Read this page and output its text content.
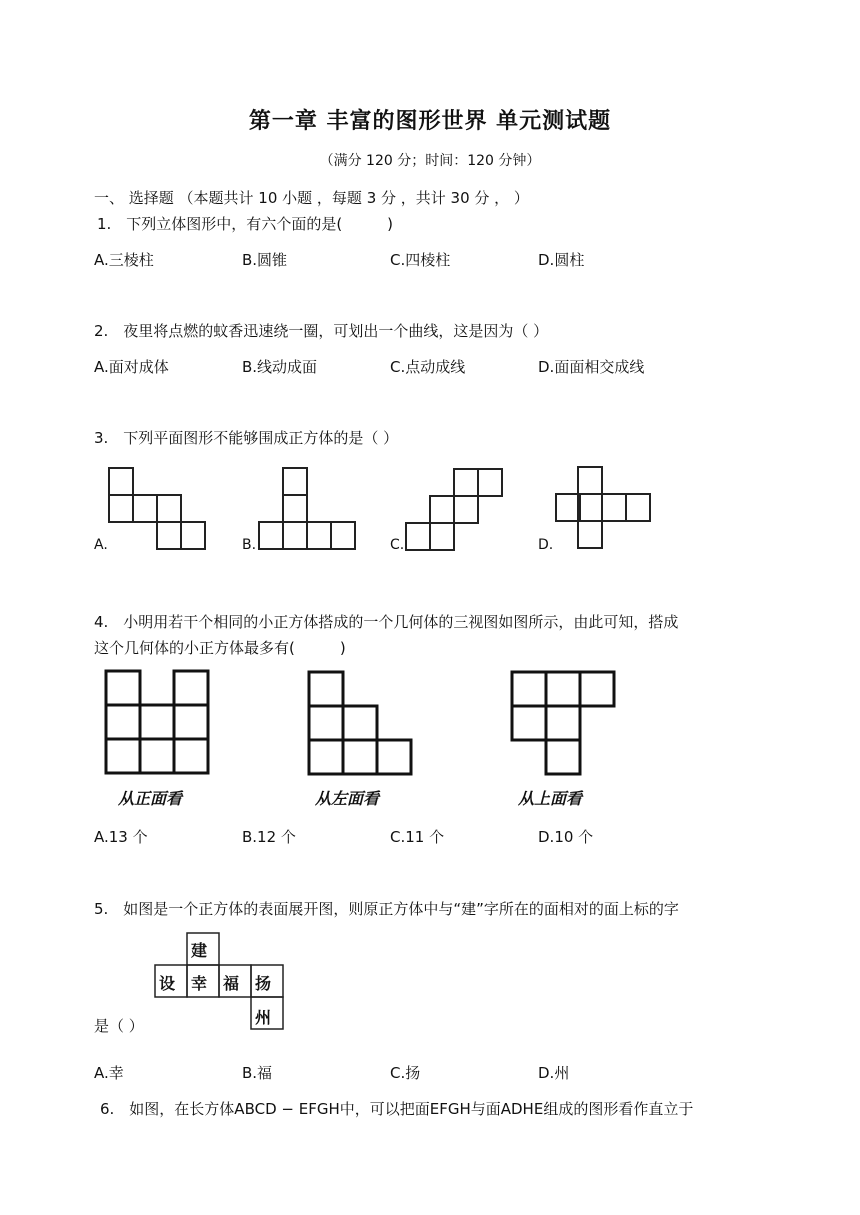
第一章 丰富的图形世界 单元测试题
（满分 120 分；时间：120 分钟）
一、 选择题 （本题共计 10 小题 ，每题 3 分 ，共计 30 分 ， ）
1.　下列立体图形中，有六个面的是(　　　)
A.三棱柱	B.圆锥	C.四棱柱	D.圆柱
2.　夜里将点燃的蚊香迅速绕一圈，可划出一个曲线，这是因为（ ）
A.面对成体	B.线动成面	C.点动成线	D.面面相交成线
3.　下列平面图形不能够围成正方体的是（ ）
A.	B.	C.	D.
4.　小明用若干个相同的小正方体搭成的一个几何体的三视图如图所示，由此可知，搭成
这个几何体的小正方体最多有(　　　)
从正面看	从左面看	从上面看
A.13 个	B.12 个	C.11 个	D.10 个
5.　如图是一个正方体的表面展开图，则原正方体中与“建”字所在的面相对的面上标的字
建
设 幸 福 扬
州
是（ ）
A.幸	B.福	C.扬	D.州
6.　如图，在长方体ABCD − EFGH中，可以把面EFGH与面ADHE组成的图形看作直立于
